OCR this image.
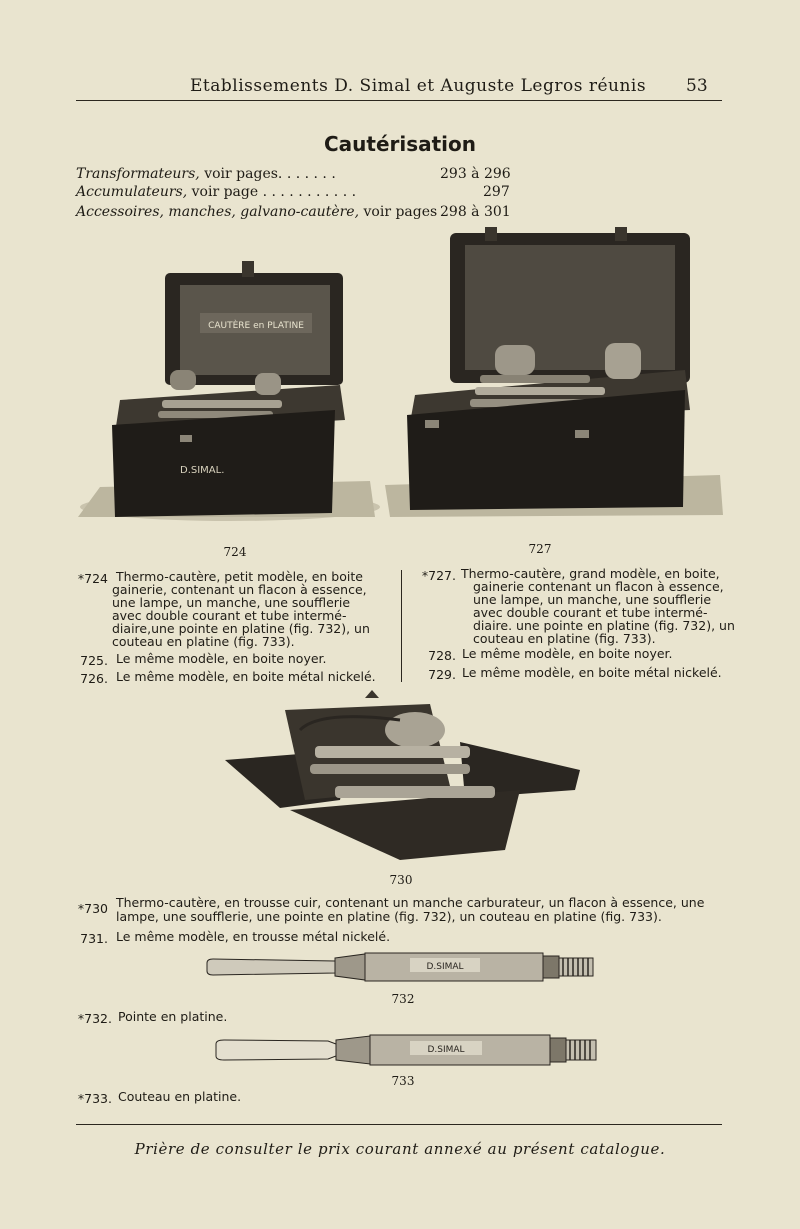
Etablissements D. Simal et Auguste Legros réunis 53
Cautérisation
Transformateurs, voir pages. . . . . . .	293 à 296
Accumulateurs, voir page . . . . . . . . . . .	297
Accessoires, manches, galvano-cautère, voir pages 298 à 301
CAUTÈRE en PLATINE
D.SIMAL.
724	727
*724 Thermo-cautère, petit modèle, en boite
gainerie, contenant un flacon à essence,
une lampe, un manche, une soufflerie
avec double courant et tube intermé-
diaire,une pointe en platine (fig. 732), un
couteau en platine (fig. 733).
725. Le même modèle, en boite noyer.
726. Le même modèle, en boite métal nickelé.
*727. Thermo-cautère, grand modèle, en boite,
gainerie contenant un flacon à essence,
une lampe, un manche, une soufflerie
avec double courant et tube intermé-
diaire. une pointe en platine (fig. 732), un
couteau en platine (fig. 733).
728. Le même modèle, en boite noyer.
729. Le même modèle, en boite métal nickelé.
730
*730 Thermo-cautère, en trousse cuir, contenant un manche carburateur, un flacon à essence, une
lampe, une soufflerie, une pointe en platine (fig. 732), un couteau en platine (fig. 733).
731. Le même modèle, en trousse métal nickelé.
D.SIMAL
732
*732. Pointe en platine.
D.SIMAL
733
*733. Couteau en platine.
Prière de consulter le prix courant annexé au présent catalogue.
